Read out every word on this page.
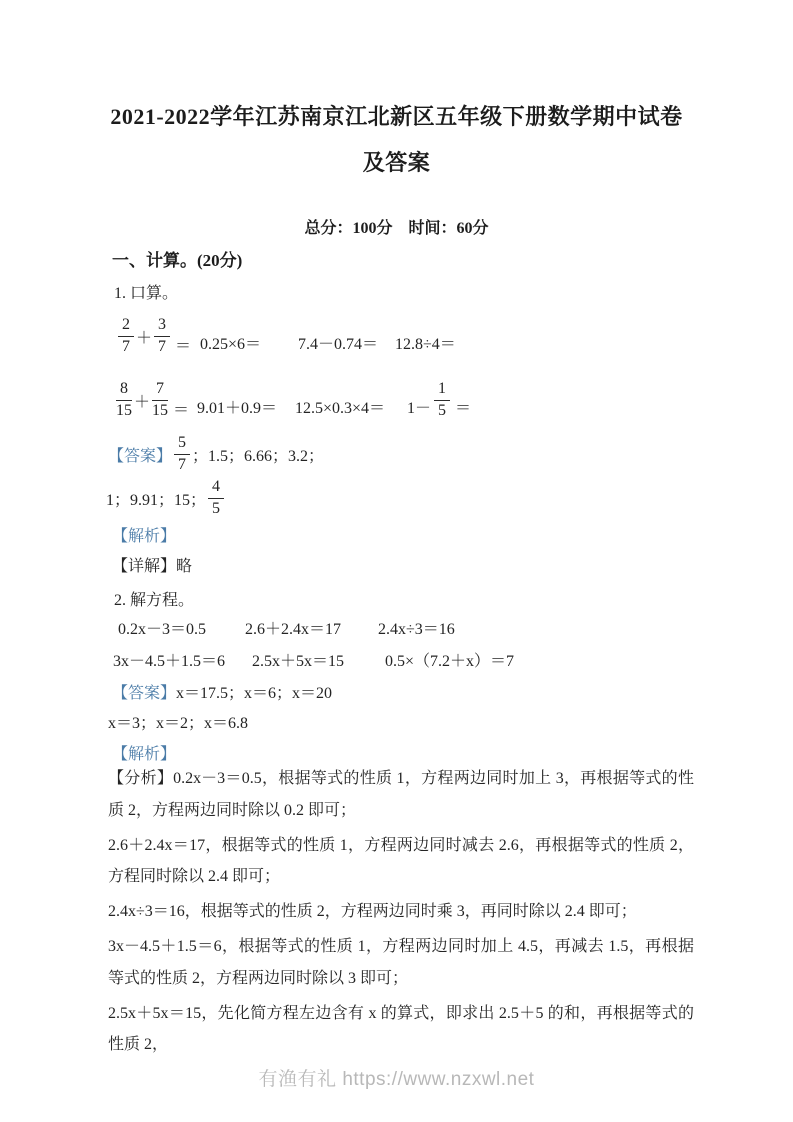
2021-2022学年江苏南京江北新区五年级下册数学期中试卷
及答案
总分：100分　时间：60分
一、计算。(20分)
1. 口算。
$\frac{2}{7} + \frac{3}{7} = 0.25\times 6= 7.4-0.74= 12.8\div 4=$
$\frac{8}{15} + \frac{7}{15} = 9.01+0.9= 12.5\times 0.3\times 4= 1- \frac{1}{5}$ ＝
【答案】 $\frac{5}{7}$ ；1.5；6.66；3.2；
1；9.91；15； $\frac{4}{5}$
【解析】
【详解】略
2. 解方程。
0.2x－3＝0.5 2.6＋2.4x＝17 2.4x÷3＝16
3x－4.5＋1.5＝6 2.5x＋5x＝15	0.5×（7.2＋x）＝7
【答案】x＝17.5；x＝6；x＝20
x＝3；x＝2；x＝6.8
【解析】

【分析】0.2x－3＝0.5，根据等式的性质 1，方程两边同时加上 3，再根据等式的性质 2，方程两边同时除以 0.2 即可；

2.6＋2.4x＝17，根据等式的性质 1，方程两边同时减去 2.6，再根据等式的性质 2，方程同时除以 2.4 即可；

2.4x÷3＝16，根据等式的性质 2，方程两边同时乘 3，再同时除以 2.4 即可；

3x－4.5＋1.5＝6，根据等式的性质 1，方程两边同时加上 4.5，再减去 1.5，再根据等式的性质 2，方程两边同时除以 3 即可；

2.5x＋5x＝15，先化简方程左边含有 x 的算式，即求出 2.5＋5 的和，再根据等式的性质 2，

有渔有礼 https://www.nzxwl.net
